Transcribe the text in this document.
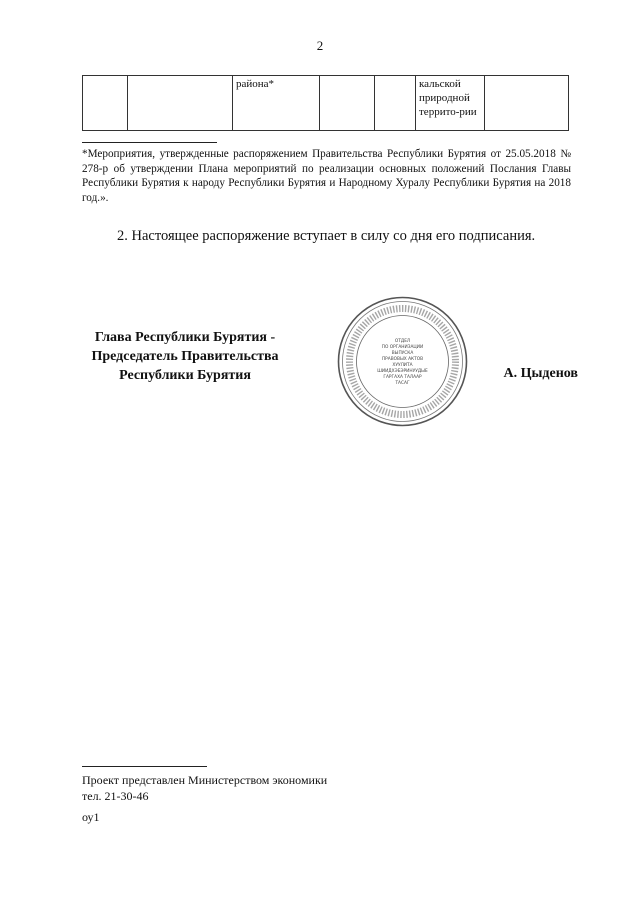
2
		района*			кальской природной террито-рии	
*Мероприятия, утвержденные распоряжением Правительства Республики Бурятия от 25.05.2018 № 278-р об утверждении Плана мероприятий по реализации основных положений Послания Главы Республики Бурятия к народу Республики Бурятия и Народному Хуралу Республики Бурятия на 2018 год.».
2. Настоящее распоряжение вступает в силу со дня его подписания.
Глава Республики Бурятия -
Председатель Правительства
Республики Бурятия
ОТДЕЛ
ПО ОРГАНИЗАЦИИ
ВЫПУСКА
ПРАВОВЫХ АКТОВ
ХУУЛИТА
ШИИДХЭБЭРИНУУДЫЕ
ГАРГАХА ТАЛААР
ТАСАГ
А. Цыденов
Проект представлен Министерством экономики
тел. 21-30-46
оу1
